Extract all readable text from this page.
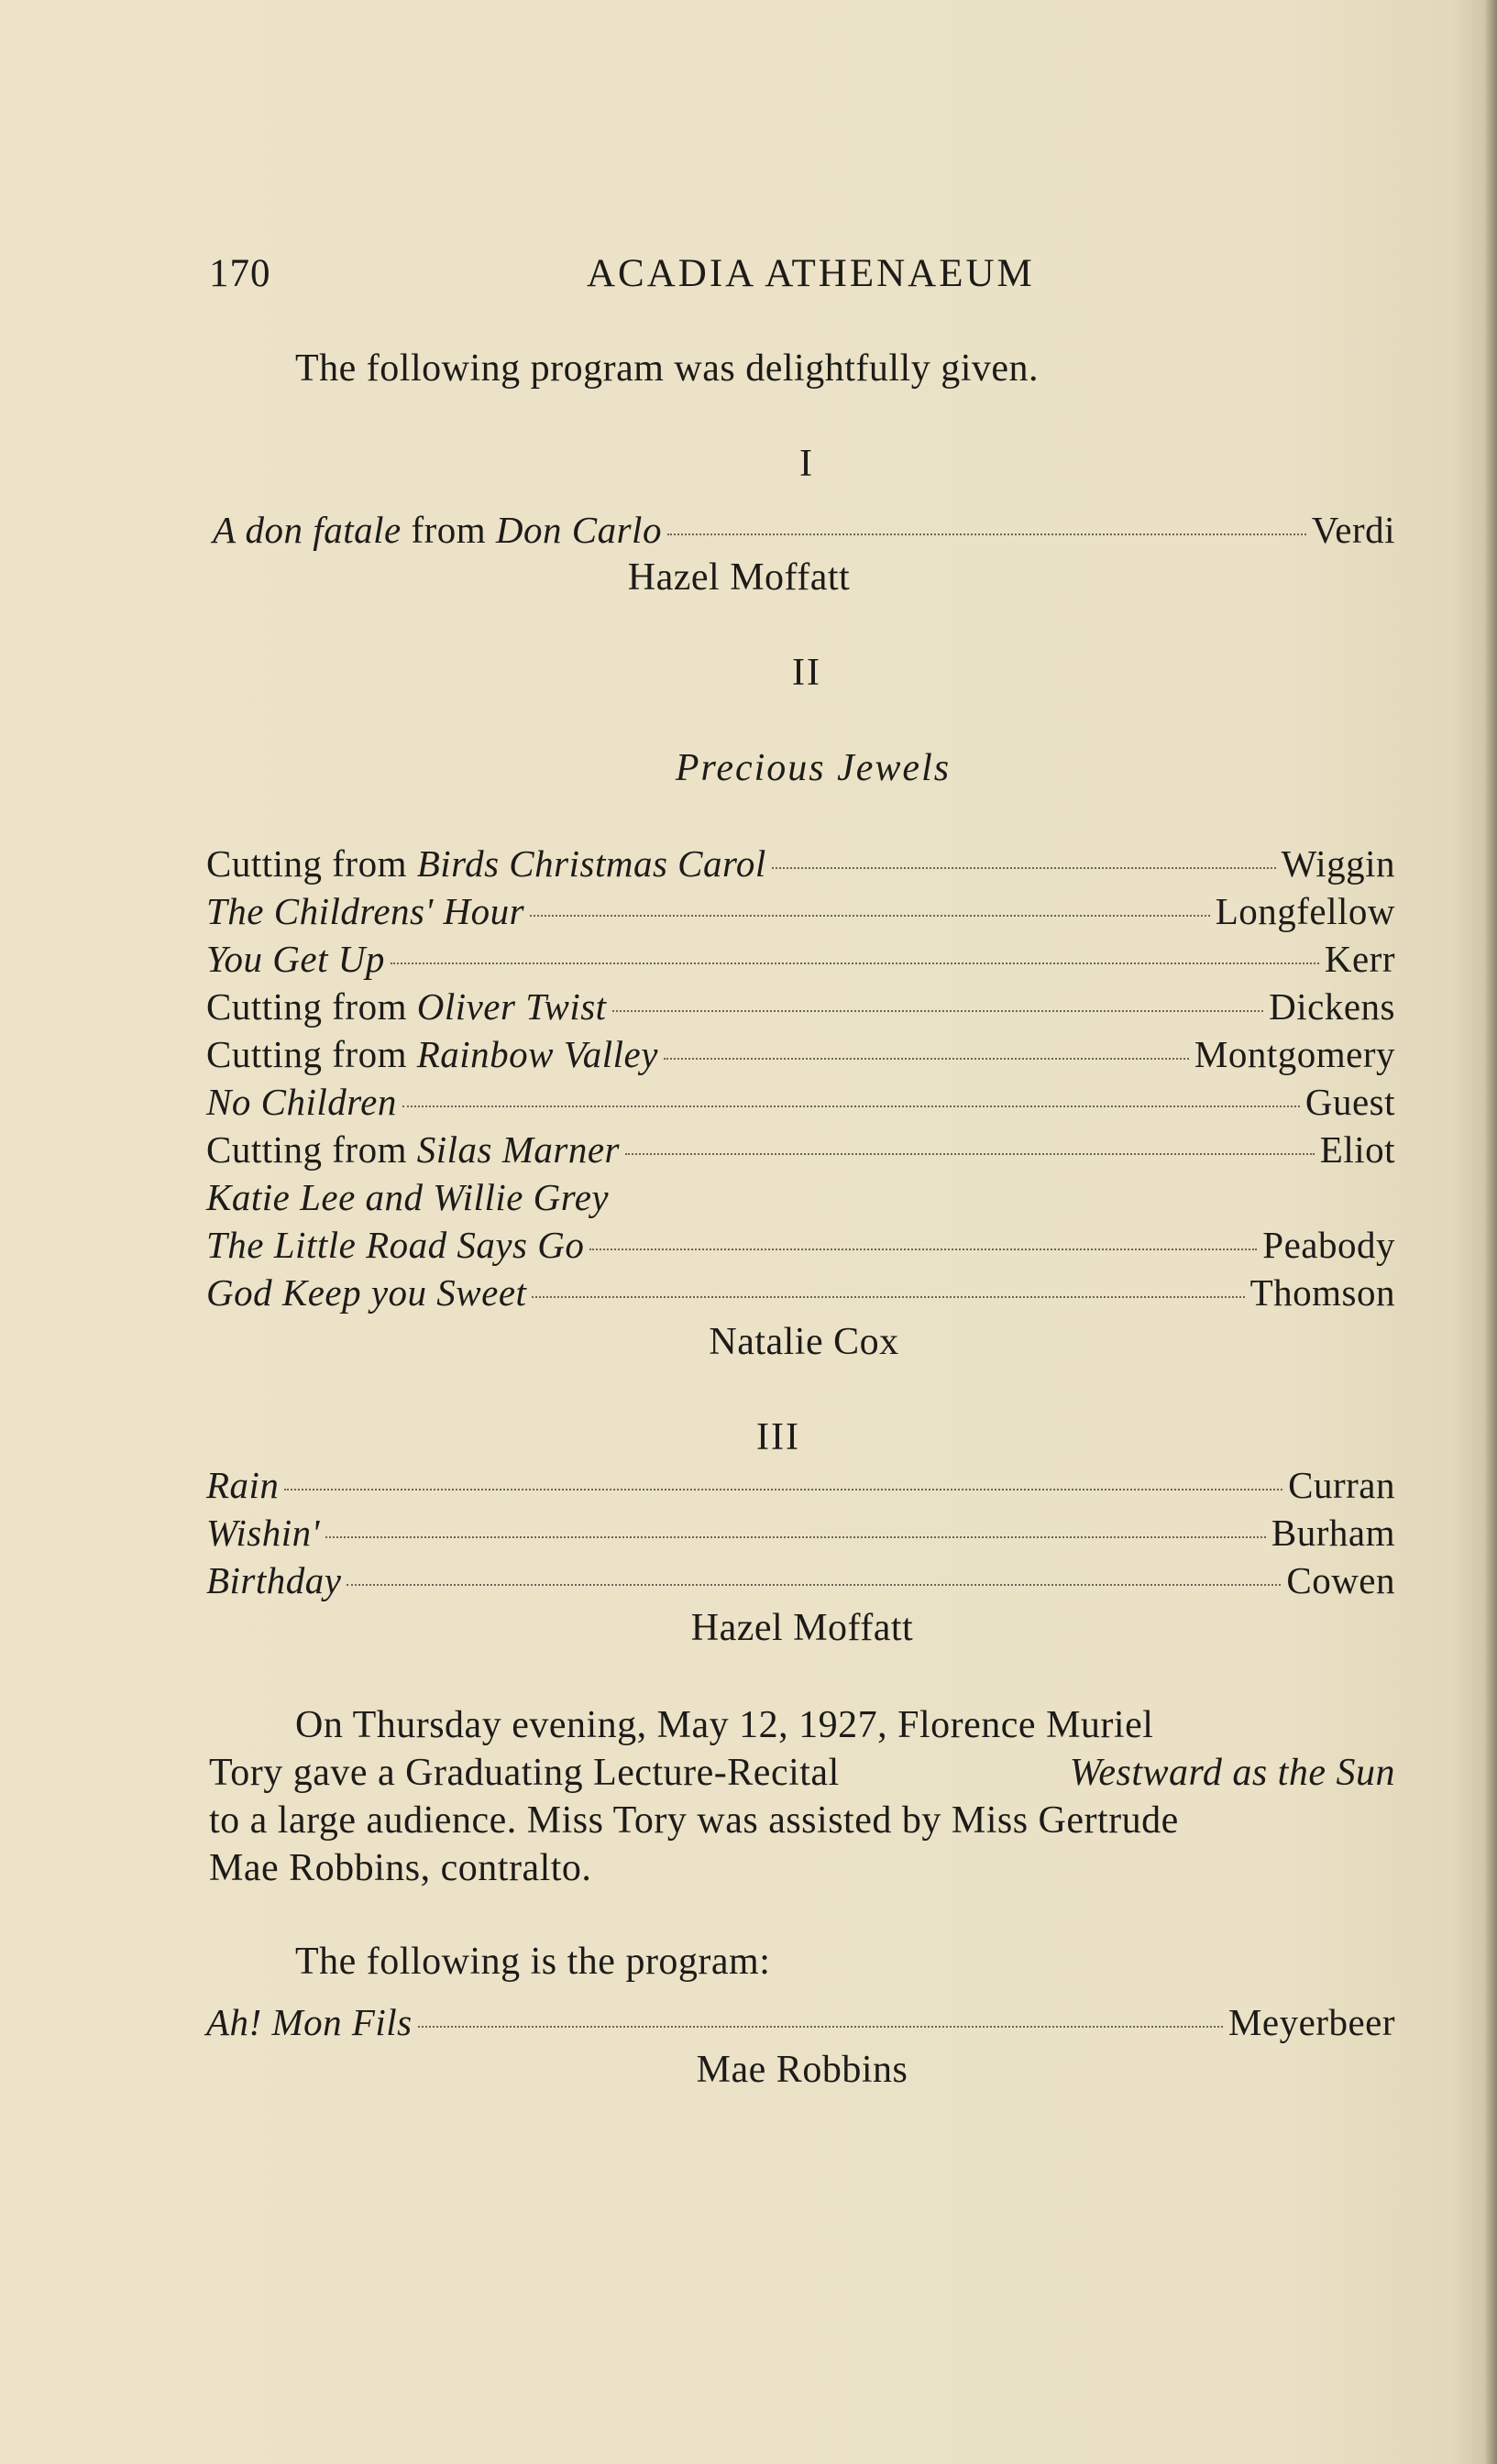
170	ACADIA ATHENAEUM
The following program was delightfully given.
I
A don fatale from Don Carlo	Verdi
Hazel Moffatt
II
Precious Jewels
Cutting from Birds Christmas Carol	Wiggin
The Childrens' Hour	Longfellow
You Get Up	Kerr
Cutting from Oliver Twist	Dickens
Cutting from Rainbow Valley	Montgomery
No Children	Guest
Cutting from Silas Marner	Eliot
Katie Lee and Willie Grey
The Little Road Says Go	Peabody
God Keep you Sweet	Thomson
Natalie Cox
III
Rain	Curran
Wishin'	Burham
Birthday	Cowen
Hazel Moffatt
On Thursday evening, May 12, 1927, Florence Muriel
Tory gave a Graduating Lecture-Recital	Westward as the Sun
to a large audience. Miss Tory was assisted by Miss Gertrude
Mae Robbins, contralto.
The following is the program:
Ah! Mon Fils	Meyerbeer
Mae Robbins
